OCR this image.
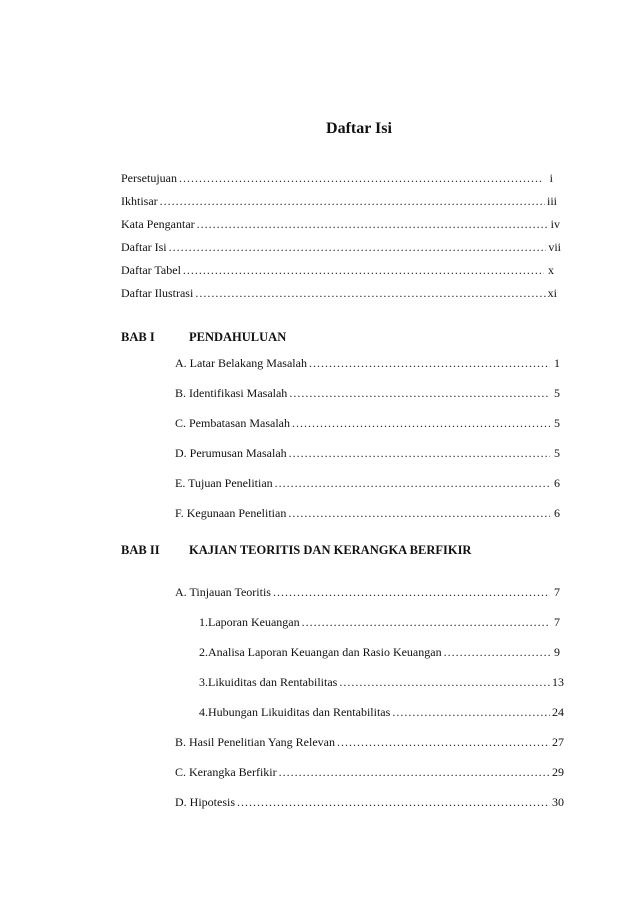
Daftar Isi
Persetujuan .....	i
Ikhtisar .....	iii
Kata Pengantar .....	iv
Daftar Isi .....	vii
Daftar Tabel .....	x
Daftar Ilustrasi .....	xi
BAB I	PENDAHULUAN
A. Latar Belakang Masalah .....	1
B. Identifikasi Masalah .....	5
C. Pembatasan Masalah .....	5
D. Perumusan Masalah .....	5
E. Tujuan Penelitian .....	6
F. Kegunaan Penelitian .....	6
BAB II	KAJIAN TEORITIS DAN KERANGKA BERFIKIR
A. Tinjauan Teoritis .....	7
1.Laporan Keuangan .....	7
2.Analisa Laporan Keuangan dan Rasio Keuangan .....	9
3.Likuiditas dan Rentabilitas .....	13
4.Hubungan Likuiditas dan Rentabilitas .....	24
B. Hasil Penelitian Yang Relevan .....	27
C. Kerangka Berfikir .....	29
D. Hipotesis .....	30
